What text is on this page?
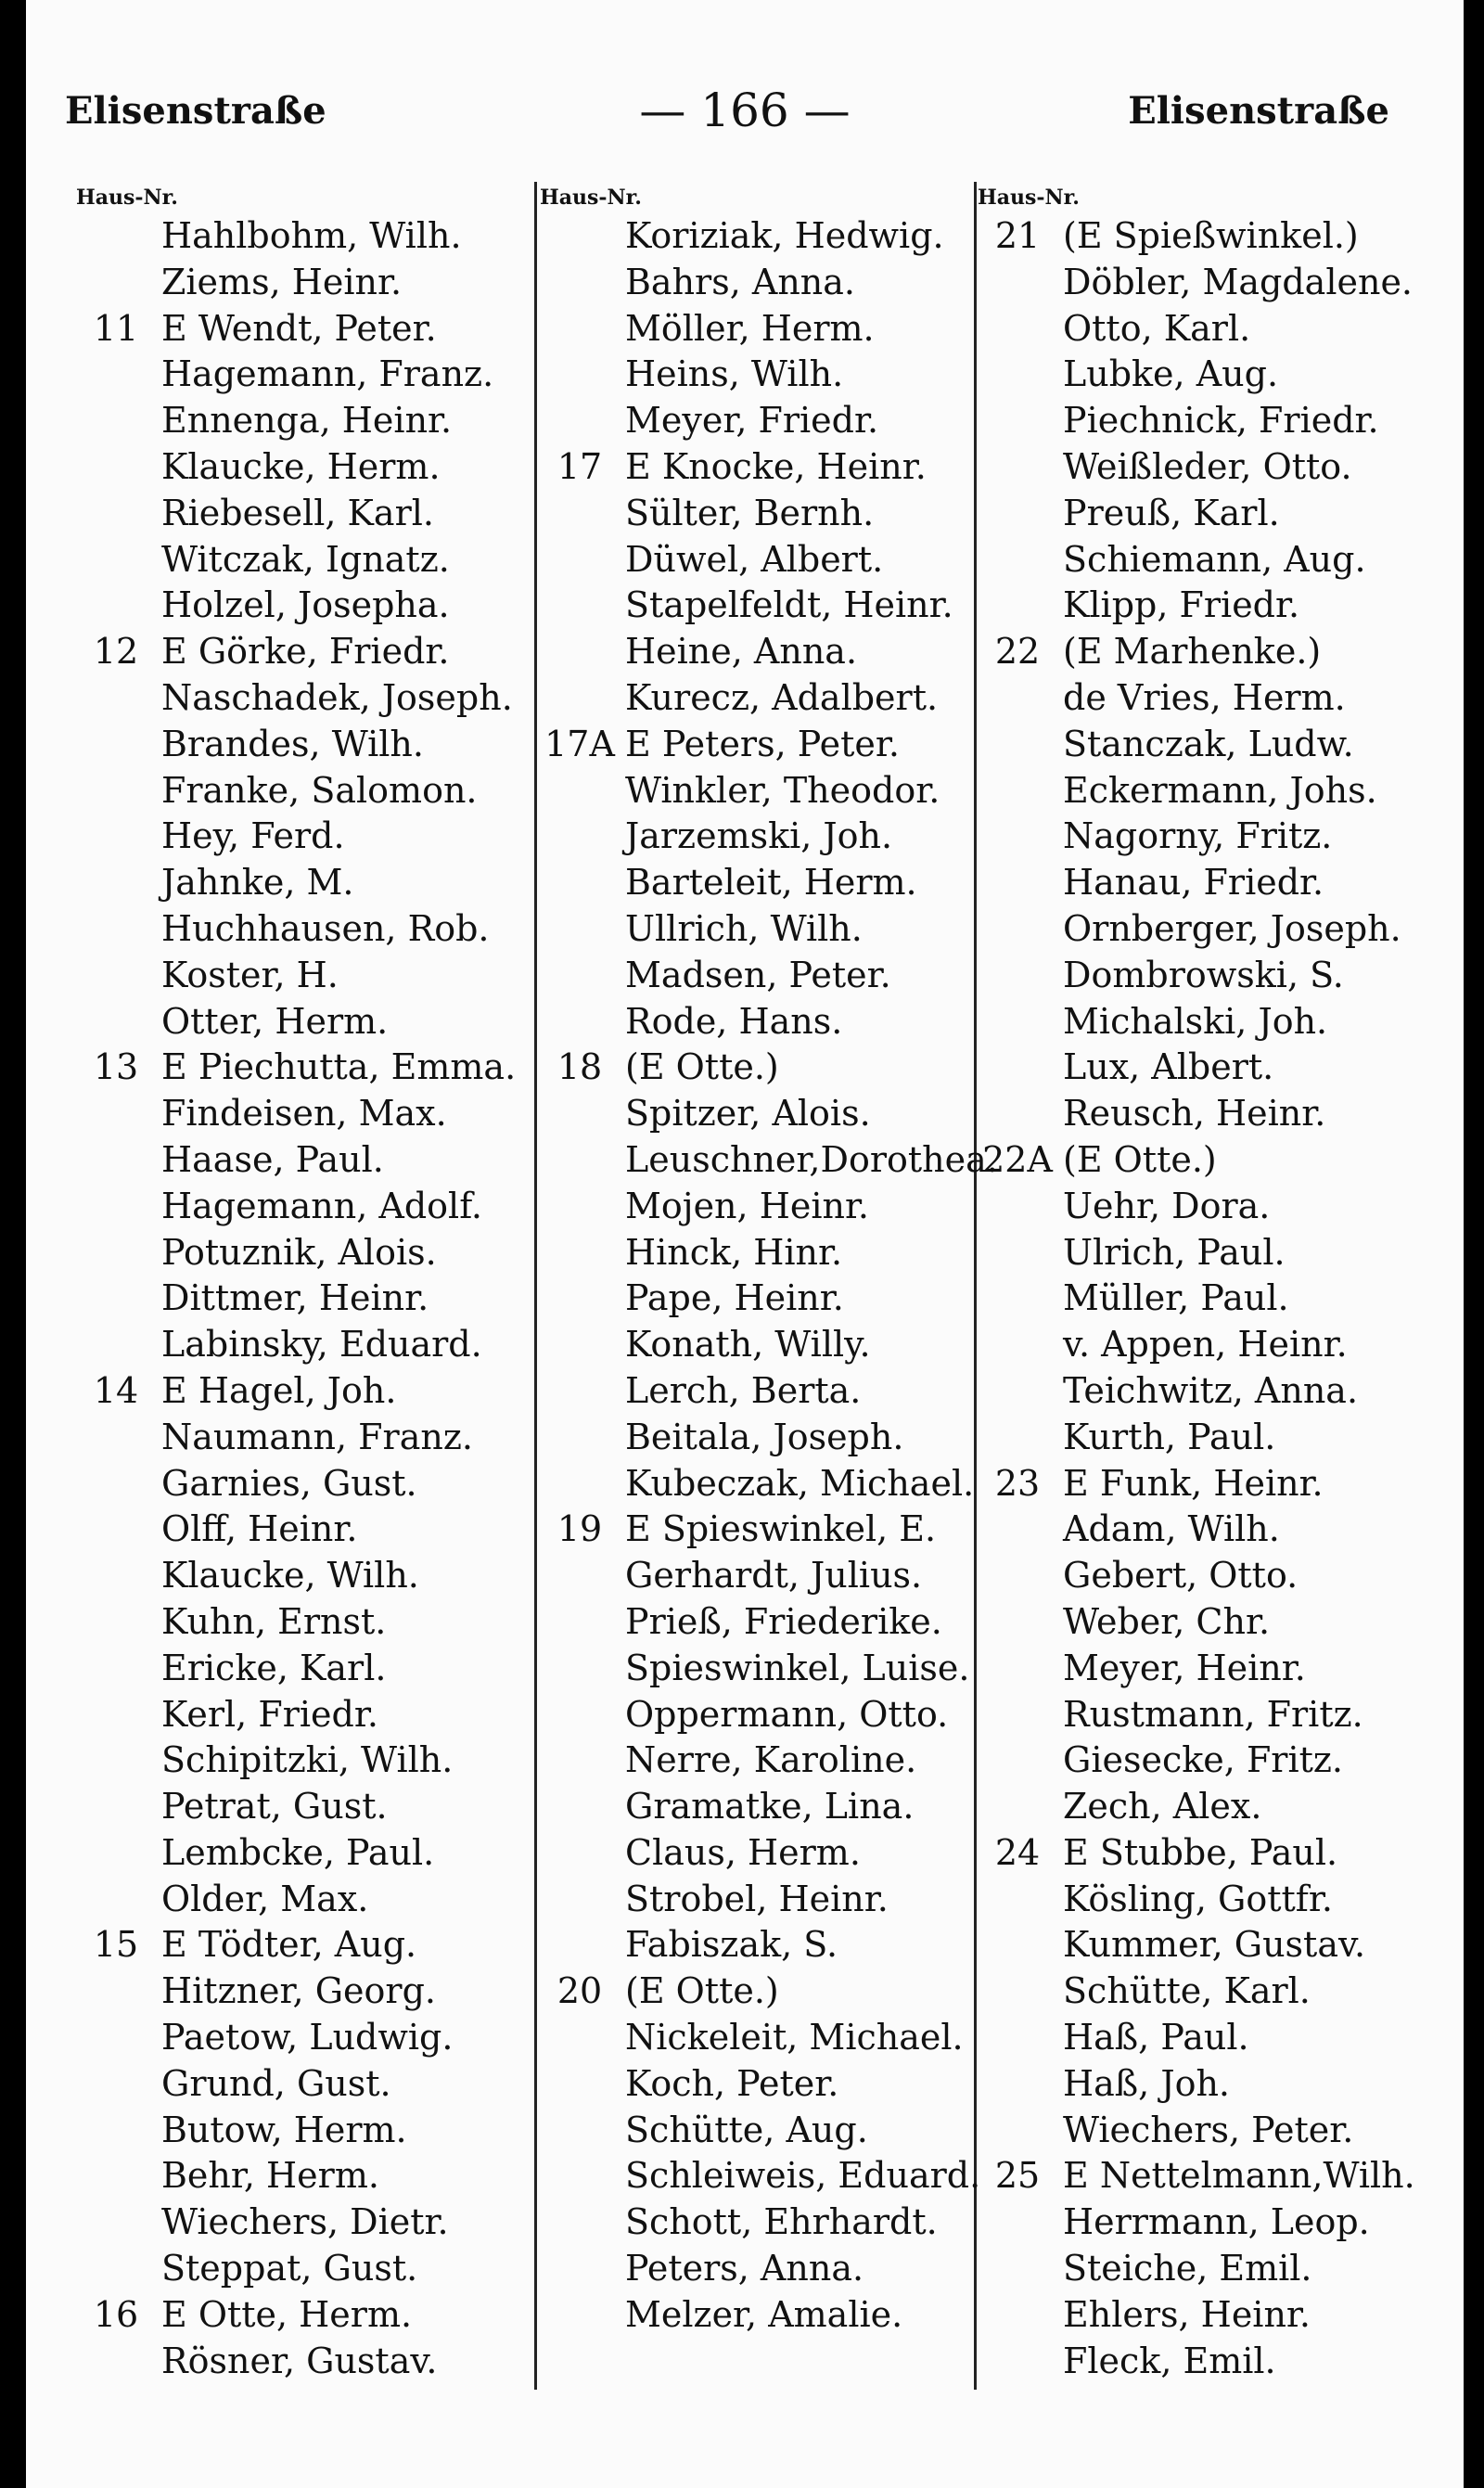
Elisenstraße	— 166 —	Elisenstraße
Haus-Nr.
Hahlbohm, Wilh.
Ziems, Heinr.
11 E Wendt, Peter.
Hagemann, Franz.
Ennenga, Heinr.
Klaucke, Herm.
Riebesell, Karl.
Witczak, Ignatz.
Holzel, Josepha.
12 E Görke, Friedr.
Naschadek, Joseph.
Brandes, Wilh.
Franke, Salomon.
Hey, Ferd.
Jahnke, M.
Huchhausen, Rob.
Koster, H.
Otter, Herm.
13 E Piechutta, Emma.
Findeisen, Max.
Haase, Paul.
Hagemann, Adolf.
Potuznik, Alois.
Dittmer, Heinr.
Labinsky, Eduard.
14 E Hagel, Joh.
Naumann, Franz.
Garnies, Gust.
Olff, Heinr.
Klaucke, Wilh.
Kuhn, Ernst.
Ericke, Karl.
Kerl, Friedr.
Schipitzki, Wilh.
Petrat, Gust.
Lembcke, Paul.
Older, Max.
15 E Tödter, Aug.
Hitzner, Georg.
Paetow, Ludwig.
Grund, Gust.
Butow, Herm.
Behr, Herm.
Wiechers, Dietr.
Steppat, Gust.
16 E Otte, Herm.
Rösner, Gustav.
Haus-Nr.
Koriziak, Hedwig.
Bahrs, Anna.
Möller, Herm.
Heins, Wilh.
Meyer, Friedr.
17 E Knocke, Heinr.
Sülter, Bernh.
Düwel, Albert.
Stapelfeldt, Heinr.
Heine, Anna.
Kurecz, Adalbert.
17A E Peters, Peter.
Winkler, Theodor.
Jarzemski, Joh.
Barteleit, Herm.
Ullrich, Wilh.
Madsen, Peter.
Rode, Hans.
18 (E Otte.)
Spitzer, Alois.
Leuschner,Dorothea.
Mojen, Heinr.
Hinck, Hinr.
Pape, Heinr.
Konath, Willy.
Lerch, Berta.
Beitala, Joseph.
Kubeczak, Michael.
19 E Spieswinkel, E.
Gerhardt, Julius.
Prieß, Friederike.
Spieswinkel, Luise.
Oppermann, Otto.
Nerre, Karoline.
Gramatke, Lina.
Claus, Herm.
Strobel, Heinr.
Fabiszak, S.
20 (E Otte.)
Nickeleit, Michael.
Koch, Peter.
Schütte, Aug.
Schleiweis, Eduard.
Schott, Ehrhardt.
Peters, Anna.
Melzer, Amalie.
Haus-Nr.
21 (E Spießwinkel.)
Döbler, Magdalene.
Otto, Karl.
Lubke, Aug.
Piechnick, Friedr.
Weißleder, Otto.
Preuß, Karl.
Schiemann, Aug.
Klipp, Friedr.
22 (E Marhenke.)
de Vries, Herm.
Stanczak, Ludw.
Eckermann, Johs.
Nagorny, Fritz.
Hanau, Friedr.
Ornberger, Joseph.
Dombrowski, S.
Michalski, Joh.
Lux, Albert.
Reusch, Heinr.
22A (E Otte.)
Uehr, Dora.
Ulrich, Paul.
Müller, Paul.
v. Appen, Heinr.
Teichwitz, Anna.
Kurth, Paul.
23 E Funk, Heinr.
Adam, Wilh.
Gebert, Otto.
Weber, Chr.
Meyer, Heinr.
Rustmann, Fritz.
Giesecke, Fritz.
Zech, Alex.
24 E Stubbe, Paul.
Kösling, Gottfr.
Kummer, Gustav.
Schütte, Karl.
Haß, Paul.
Haß, Joh.
Wiechers, Peter.
25 E Nettelmann,Wilh.
Herrmann, Leop.
Steiche, Emil.
Ehlers, Heinr.
Fleck, Emil.
